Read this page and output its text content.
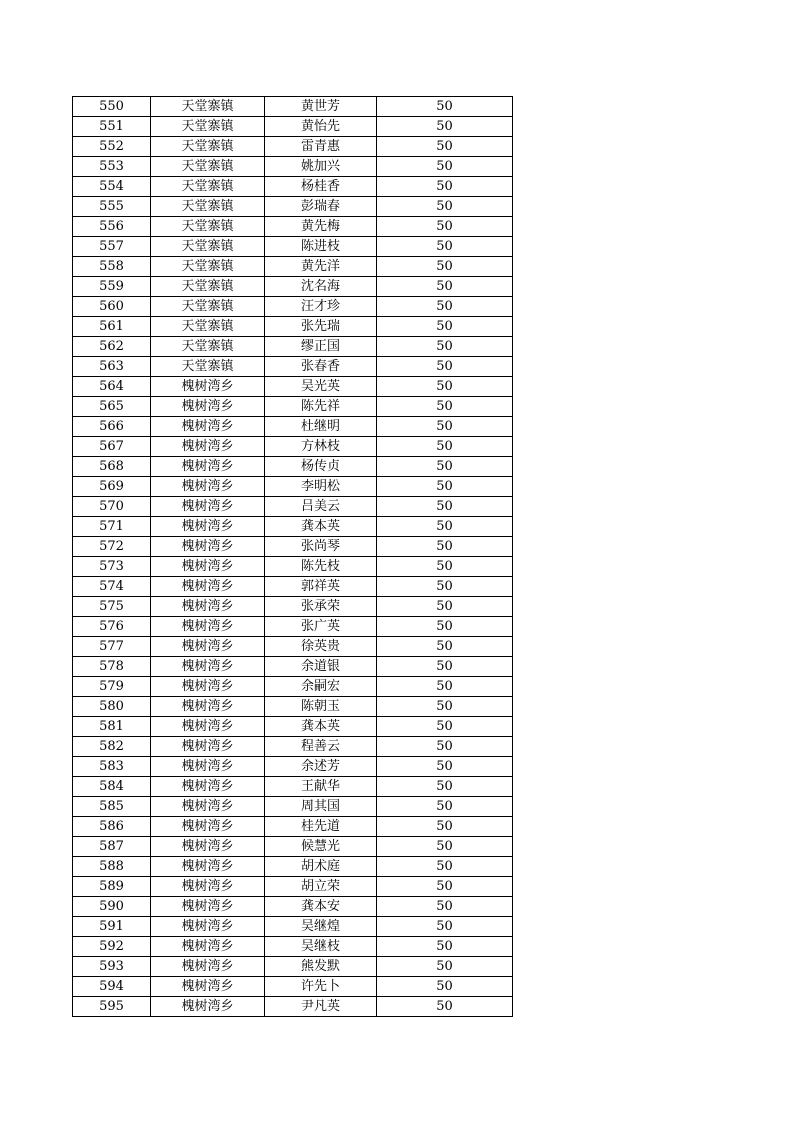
550	天堂寨镇	黄世芳	50
551	天堂寨镇	黄怡先	50
552	天堂寨镇	雷青惠	50
553	天堂寨镇	姚加兴	50
554	天堂寨镇	杨桂香	50
555	天堂寨镇	彭瑞春	50
556	天堂寨镇	黄先梅	50
557	天堂寨镇	陈进枝	50
558	天堂寨镇	黄先洋	50
559	天堂寨镇	沈名海	50
560	天堂寨镇	汪才珍	50
561	天堂寨镇	张先瑞	50
562	天堂寨镇	缪正国	50
563	天堂寨镇	张春香	50
564	槐树湾乡	吴光英	50
565	槐树湾乡	陈先祥	50
566	槐树湾乡	杜继明	50
567	槐树湾乡	方林枝	50
568	槐树湾乡	杨传贞	50
569	槐树湾乡	李明松	50
570	槐树湾乡	吕美云	50
571	槐树湾乡	龚本英	50
572	槐树湾乡	张尚琴	50
573	槐树湾乡	陈先枝	50
574	槐树湾乡	郭祥英	50
575	槐树湾乡	张承荣	50
576	槐树湾乡	张广英	50
577	槐树湾乡	徐英贵	50
578	槐树湾乡	余道银	50
579	槐树湾乡	余嗣宏	50
580	槐树湾乡	陈朝玉	50
581	槐树湾乡	龚本英	50
582	槐树湾乡	程善云	50
583	槐树湾乡	余述芳	50
584	槐树湾乡	王献华	50
585	槐树湾乡	周其国	50
586	槐树湾乡	桂先道	50
587	槐树湾乡	候慧光	50
588	槐树湾乡	胡术庭	50
589	槐树湾乡	胡立荣	50
590	槐树湾乡	龚本安	50
591	槐树湾乡	吴继煌	50
592	槐树湾乡	吴继枝	50
593	槐树湾乡	熊发默	50
594	槐树湾乡	许先卜	50
595	槐树湾乡	尹凡英	50
